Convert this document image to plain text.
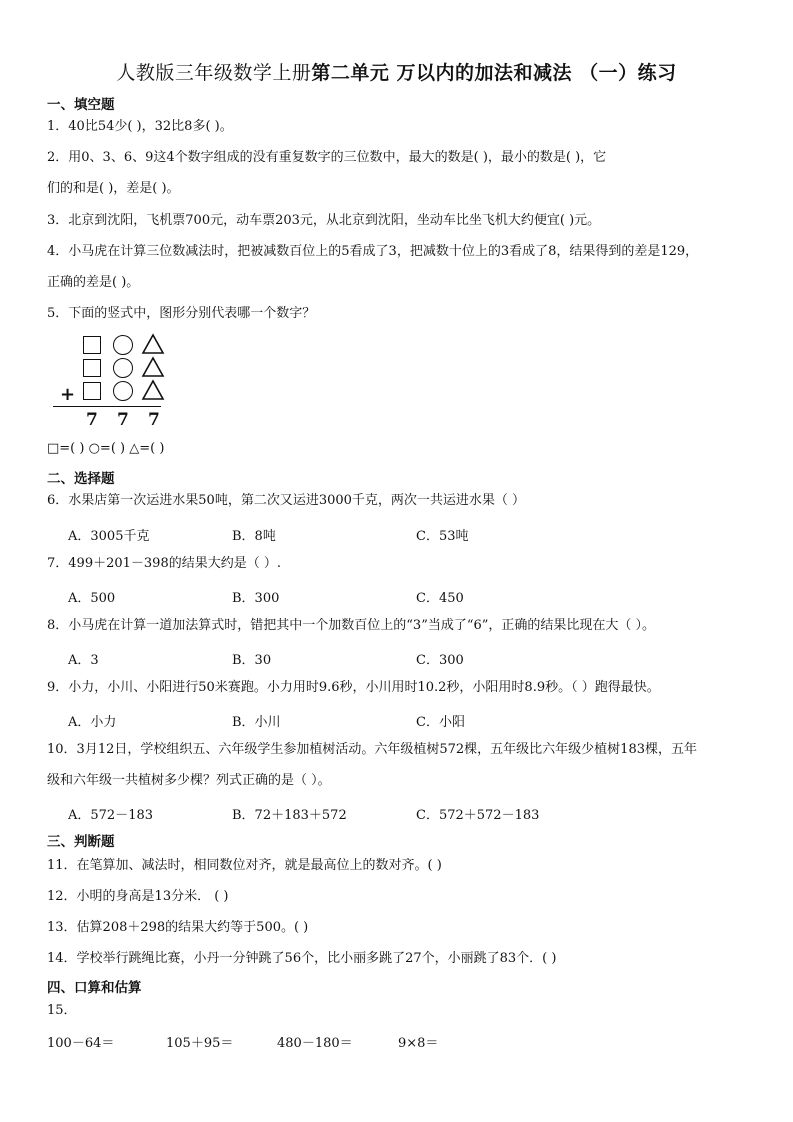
人教版三年级数学上册第二单元 万以内的加法和减法 （一）练习
一、填空题
1．40比54少( )，32比8多( )。
2．用0、3、6、9这4个数字组成的没有重复数字的三位数中，最大的数是( )，最小的数是( )，它
们的和是( )，差是( )。
3．北京到沈阳，飞机票700元，动车票203元，从北京到沈阳，坐动车比坐飞机大约便宜( )元。
4．小马虎在计算三位数减法时，把被减数百位上的5看成了3，把减数十位上的3看成了8，结果得到的差是129，
正确的差是( )。
5．下面的竖式中，图形分别代表哪一个数字？
+
7 7 7
□=( ) ○=( ) △=( )
二、选择题
6．水果店第一次运进水果50吨，第二次又运进3000千克，两次一共运进水果（ ）
A．3005千克	B．8吨	C．53吨
7．499＋201－398的结果大约是（ ）.
A．500	B．300	C．450
8．小马虎在计算一道加法算式时，错把其中一个加数百位上的“3”当成了“6”，正确的结果比现在大（ ）。
A．3	B．30	C．300
9．小力，小川、小阳进行50米赛跑。小力用时9.6秒，小川用时10.2秒，小阳用时8.9秒。（ ）跑得最快。
A．小力	B．小川	C．小阳
10．3月12日，学校组织五、六年级学生参加植树活动。六年级植树572棵，五年级比六年级少植树183棵，五年
级和六年级一共植树多少棵？列式正确的是（ ）。
A．572－183	B．72＋183＋572	C．572＋572－183
三、判断题
11．在笔算加、减法时，相同数位对齐，就是最高位上的数对齐。( )
12．小明的身高是13分米． ( )
13．估算208＋298的结果大约等于500。( )
14．学校举行跳绳比赛，小丹一分钟跳了56个，比小丽多跳了27个，小丽跳了83个．( )
四、口算和估算
15．
100－64＝	105＋95＝	480－180＝	9×8＝
